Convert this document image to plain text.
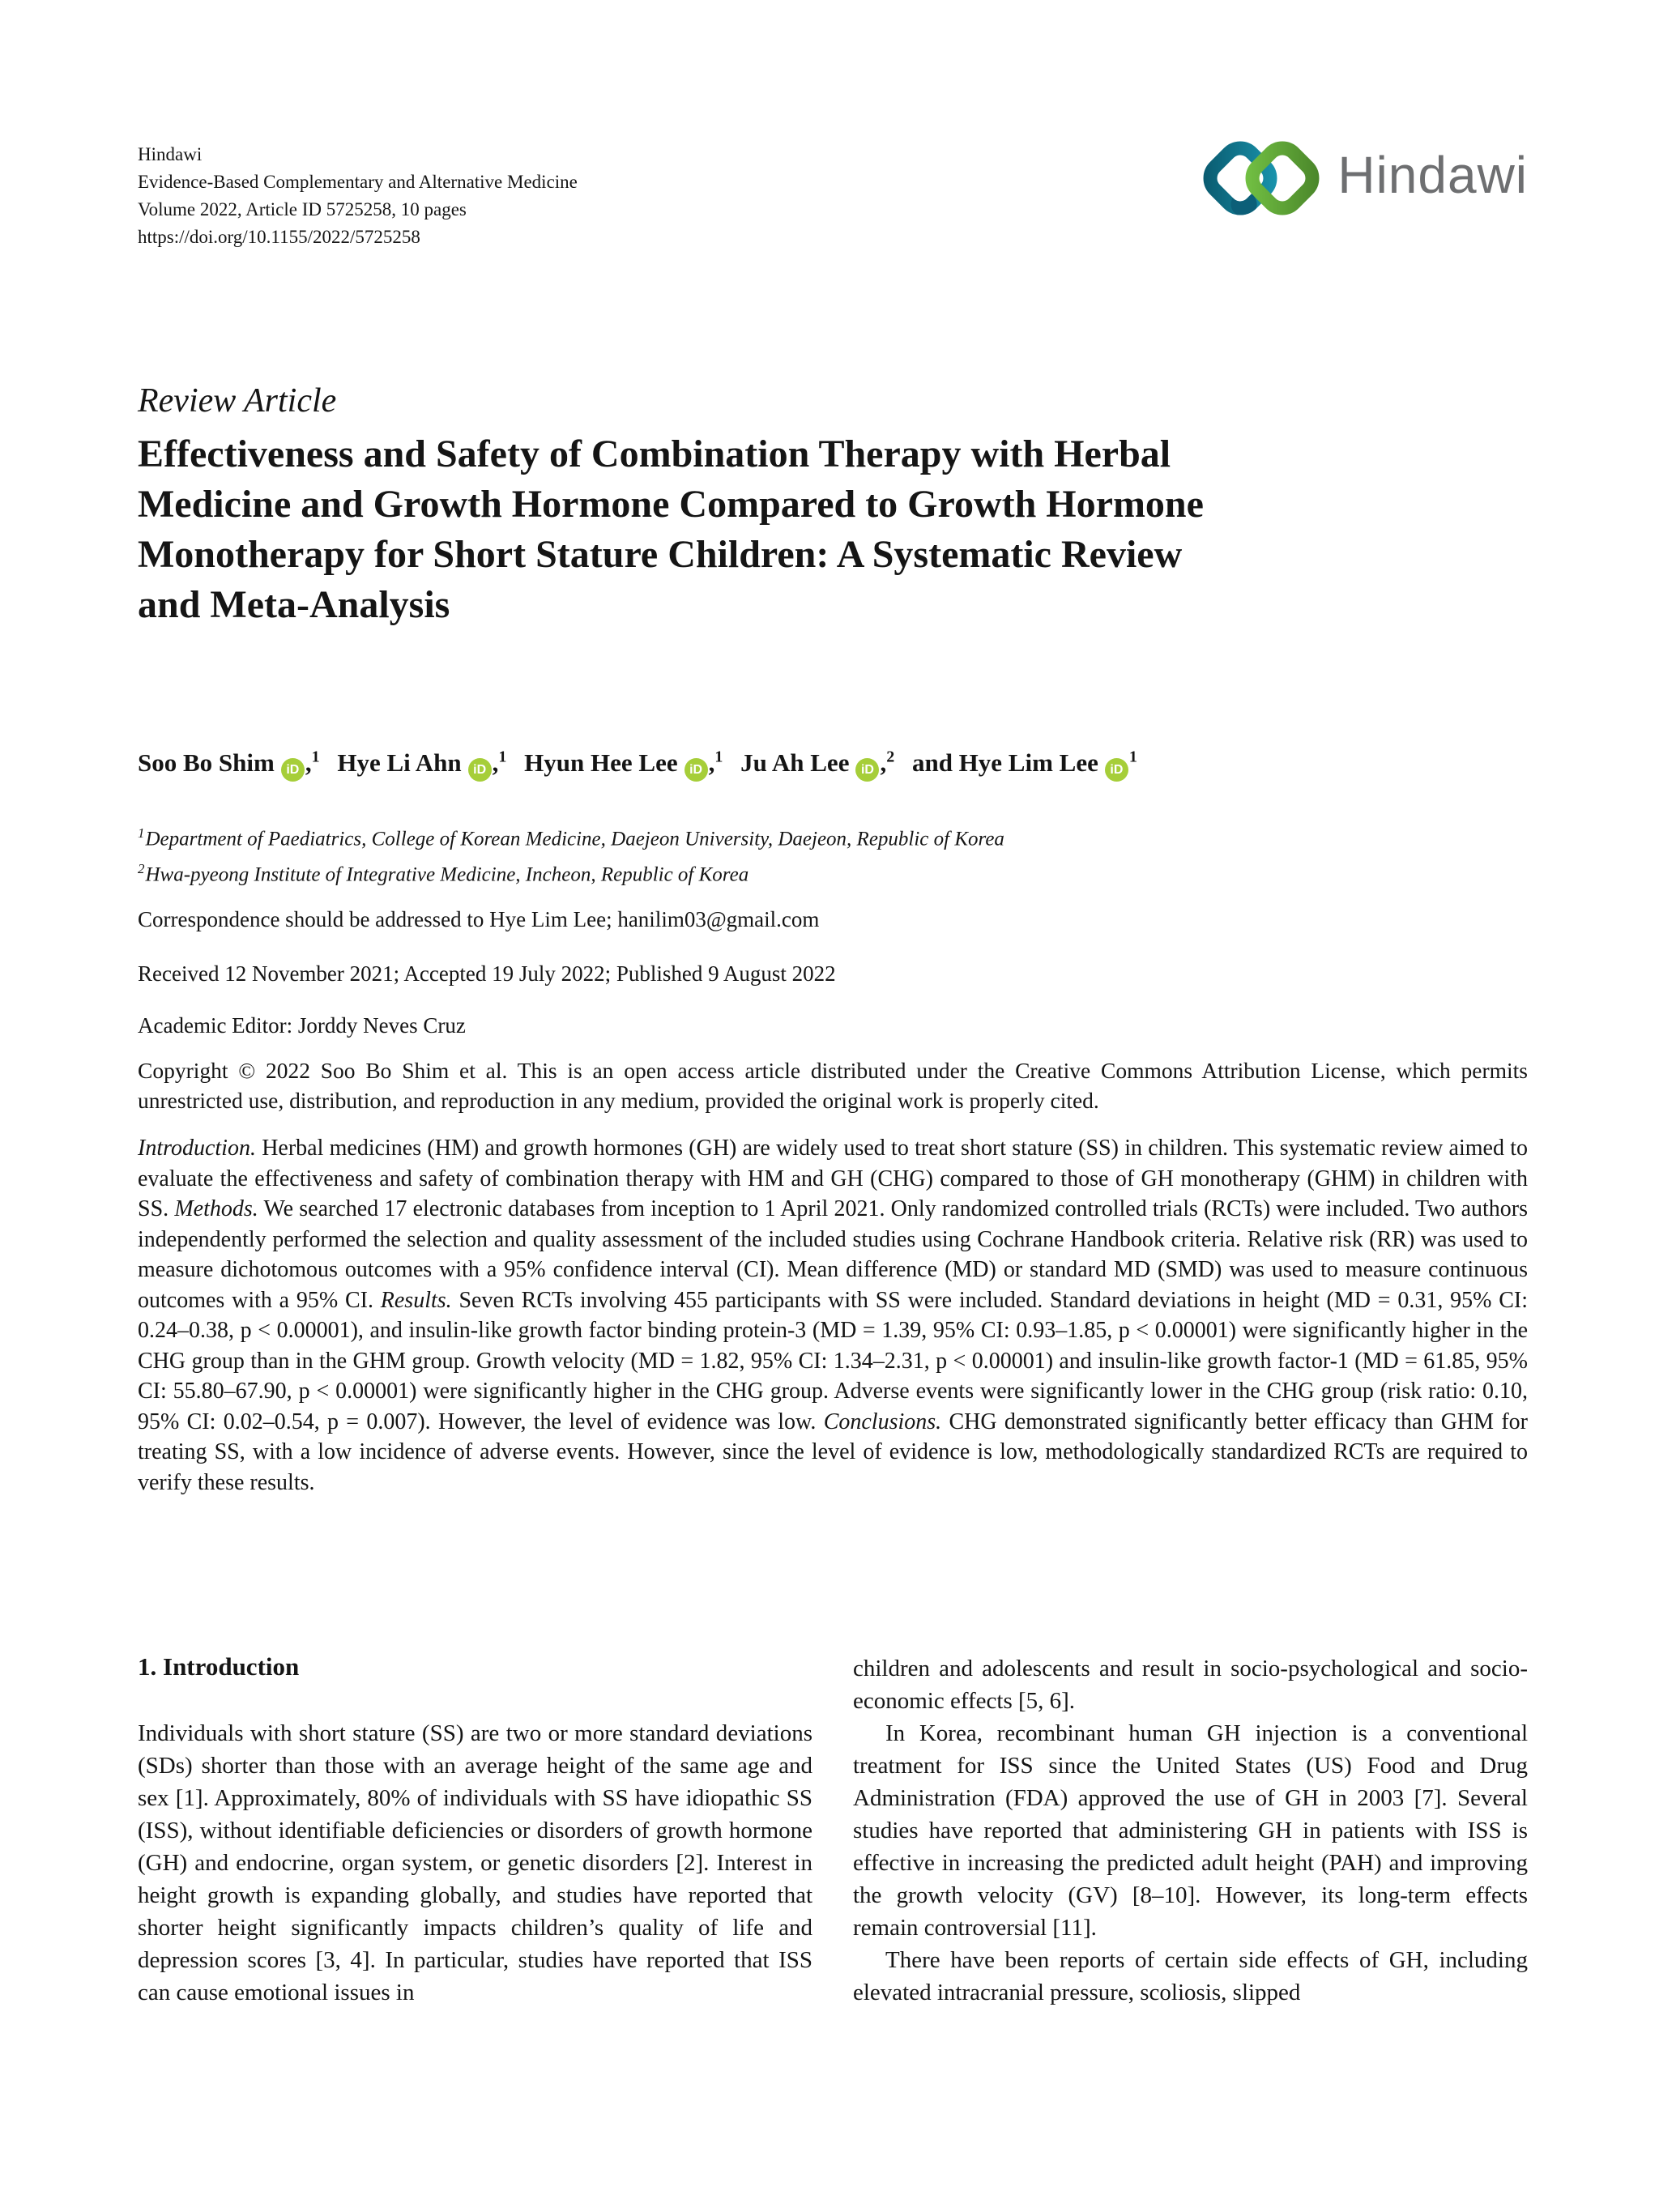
Hindawi
Evidence-Based Complementary and Alternative Medicine
Volume 2022, Article ID 5725258, 10 pages
https://doi.org/10.1155/2022/5725258
Hindawi
Review Article
Effectiveness and Safety of Combination Therapy with Herbal
Medicine and Growth Hormone Compared to Growth Hormone
Monotherapy for Short Stature Children: A Systematic Review
and Meta-Analysis
Soo Bo Shim iD ,$^1$ Hye Li Ahn iD ,$^1$ Hyun Hee Lee iD ,$^1$ Ju Ah Lee iD ,$^2$ and Hye Lim Lee $iD^1$
$^1$Department of Paediatrics, College of Korean Medicine, Daejeon University, Daejeon, Republic of Korea
$^2$Hwa-pyeong Institute of Integrative Medicine, Incheon, Republic of Korea
Correspondence should be addressed to Hye Lim Lee; hanilim03@gmail.com
Received 12 November 2021; Accepted 19 July 2022; Published 9 August 2022
Academic Editor: Jorddy Neves Cruz
Copyright © 2022 Soo Bo Shim et al. This is an open access article distributed under the Creative Commons Attribution License, which permits unrestricted use, distribution, and reproduction in any medium, provided the original work is properly cited.
Introduction. Herbal medicines (HM) and growth hormones (GH) are widely used to treat short stature (SS) in children. This systematic review aimed to evaluate the effectiveness and safety of combination therapy with HM and GH (CHG) compared to those of GH monotherapy (GHM) in children with SS. Methods. We searched 17 electronic databases from inception to 1 April 2021. Only randomized controlled trials (RCTs) were included. Two authors independently performed the selection and quality assessment of the included studies using Cochrane Handbook criteria. Relative risk (RR) was used to measure dichotomous outcomes with a 95% confidence interval (CI). Mean difference (MD) or standard MD (SMD) was used to measure continuous outcomes with a 95% CI. Results. Seven RCTs involving 455 participants with SS were included. Standard deviations in height (MD = 0.31, 95% CI: 0.24–0.38, p < 0.00001), and insulin-like growth factor binding protein-3 (MD = 1.39, 95% CI: 0.93–1.85, p < 0.00001) were significantly higher in the CHG group than in the GHM group. Growth velocity (MD = 1.82, 95% CI: 1.34–2.31, p < 0.00001) and insulin-like growth factor-1 (MD = 61.85, 95% CI: 55.80–67.90, p < 0.00001) were significantly higher in the CHG group. Adverse events were significantly lower in the CHG group (risk ratio: 0.10, 95% CI: 0.02–0.54, p = 0.007). However, the level of evidence was low. Conclusions. CHG demonstrated significantly better efficacy than GHM for treating SS, with a low incidence of adverse events. However, since the level of evidence is low, methodologically standardized RCTs are required to verify these results.
1. Introduction

Individuals with short stature (SS) are two or more standard deviations (SDs) shorter than those with an average height of the same age and sex [1]. Approximately, 80% of individuals with SS have idiopathic SS (ISS), without identifiable deficiencies or disorders of growth hormone (GH) and endocrine, organ system, or genetic disorders [2]. Interest in height growth is expanding globally, and studies have reported that shorter height significantly impacts children’s quality of life and depression scores [3, 4]. In particular, studies have reported that ISS can cause emotional issues in

children and adolescents and result in socio-psychological and socio-economic effects [5, 6].

In Korea, recombinant human GH injection is a conventional treatment for ISS since the United States (US) Food and Drug Administration (FDA) approved the use of GH in 2003 [7]. Several studies have reported that administering GH in patients with ISS is effective in increasing the predicted adult height (PAH) and improving the growth velocity (GV) [8–10]. However, its long-term effects remain controversial [11].

There have been reports of certain side effects of GH, including elevated intracranial pressure, scoliosis, slipped
